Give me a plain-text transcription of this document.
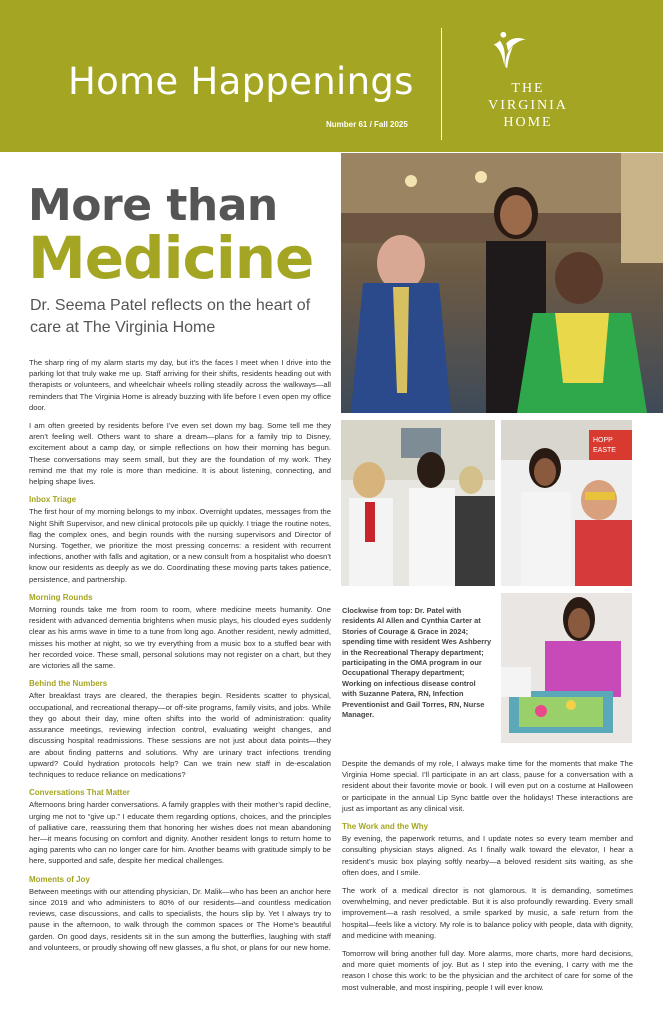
Home Happenings
Number 61 / Fall 2025
THE
VIRGINIA
HOME
More than
Medicine
Dr. Seema Patel reflects on the heart of care at The Virginia Home

The sharp ring of my alarm starts my day, but it’s the faces I meet when I drive into the parking lot that truly wake me up. Staff arriving for their shifts, residents heading out with therapists or volunteers, and wheelchair wheels rolling steadily across the walkways—all reminders that The Virginia Home is already buzzing with life before I even open my office door.

I am often greeted by residents before I’ve even set down my bag. Some tell me they aren’t feeling well. Others want to share a dream—plans for a family trip to Disney, excitement about a camp day, or simple reflections on how their morning has begun. These conversations may seem small, but they are the foundation of my work. They remind me that my role is more than medicine. It is about listening, connecting, and helping shape lives.

Inbox Triage

The first hour of my morning belongs to my inbox. Overnight updates, messages from the Night Shift Supervisor, and new clinical protocols pile up quickly. I triage the routine notes, flag the complex ones, and begin rounds with the nursing supervisors and Director of Nursing. Together, we prioritize the most pressing concerns: a resident with recurrent infections, another with falls and agitation, or a new consult from a hospitalist who doesn’t know our residents as deeply as we do. Coordinating these moving parts takes patience, persistence, and partnership.

Morning Rounds

Morning rounds take me from room to room, where medicine meets humanity. One resident with advanced dementia brightens when music plays, his clouded eyes suddenly clear as his arms wave in time to a tune from long ago. Another resident, newly admitted, misses his mother at night, so we try everything from a music box to a stuffed bear with her recorded voice. These small, personal solutions may not register on a chart, but they are victories all the same.

Behind the Numbers

After breakfast trays are cleared, the therapies begin. Residents scatter to physical, occupational, and recreational therapy—or off-site programs, family visits, and jobs. While they go about their day, mine often shifts into the world of administration: quality assurance meetings, reviewing infection control, evaluating weight changes, and discussing hospital readmissions. These sessions are not just about data points—they are about finding patterns and solutions. Why are urinary tract infections trending upward? Could hydration protocols help? Can we train new staff in de-escalation techniques to reduce reliance on medications?

Conversations That Matter

Afternoons bring harder conversations. A family grapples with their mother’s rapid decline, urging me not to “give up.” I educate them regarding options, choices, and the principles of palliative care, reassuring them that honoring her wishes does not mean abandoning her—it means focusing on comfort and dignity. Another resident longs to return home to aging parents who can no longer care for him. Another beams with gratitude simply to be here, supported and safe, despite her medical challenges.

Moments of Joy

Between meetings with our attending physician, Dr. Malik—who has been an anchor here since 2019 and who administers to 80% of our residents—and countless medication reviews, case discussions, and calls to specialists, the hours slip by. Yet I always try to pause in the afternoon, to walk through the common spaces or The Home’s beautiful garden. On good days, residents sit in the sun among the butterflies, laughing with staff and volunteers, or proudly showing off new glasses, a flu shot, or plans for our new home.

HOPP
EASTE
Clockwise from top: Dr. Patel with residents Al Allen and Cynthia Carter at Stories of Courage & Grace in 2024; spending time with resident Wes Ashberry in the Recreational Therapy department; participating in the OMA program in our Occupational Therapy department; Working on infectious disease control with Suzanne Patera, RN, Infection Preventionist and Gail Torres, RN, Nurse Manager.

Despite the demands of my role, I always make time for the moments that make The Virginia Home special. I’ll participate in an art class, pause for a conversation with a resident about their favorite movie or book. I will even put on a costume at Halloween or participate in the annual Lip Sync battle over the holidays! These interactions are just as important as any clinical visit.

The Work and the Why

By evening, the paperwork returns, and I update notes so every team member and consulting physician stays aligned. As I finally walk toward the elevator, I hear a resident’s music box playing softly nearby—a beloved resident sits waiting, as she often does, and I smile.

The work of a medical director is not glamorous. It is demanding, sometimes overwhelming, and never predictable. But it is also profoundly rewarding. Every small improvement—a rash resolved, a smile sparked by music, a safe return from the hospital—feels like a victory. My role is to balance policy with people, data with dignity, and medicine with meaning.

Tomorrow will bring another full day. More alarms, more charts, more hard decisions, and more quiet moments of joy. But as I step into the evening, I carry with me the reason I chose this work: to be the physician and the architect of care for some of the most vulnerable, and most inspiring, people I will ever know.
